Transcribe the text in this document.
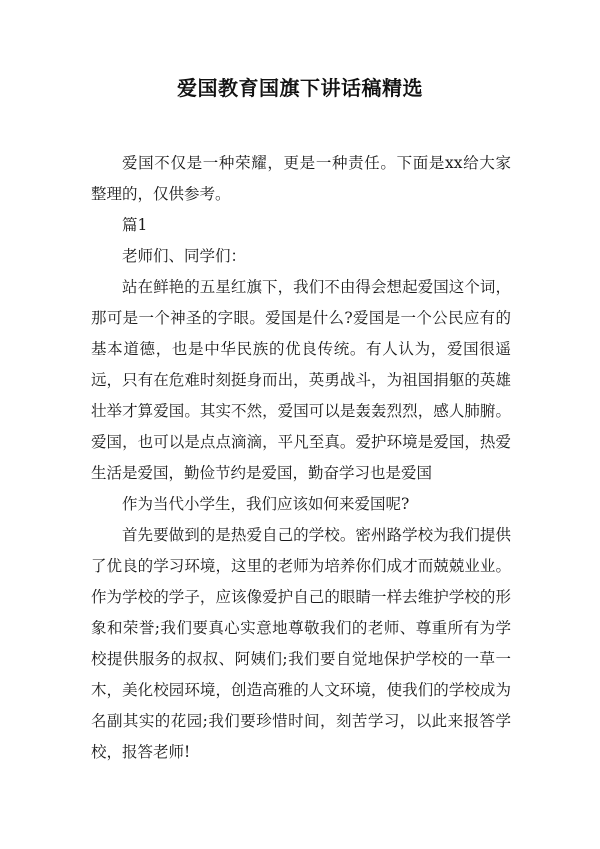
爱国教育国旗下讲话稿精选

爱国不仅是一种荣耀，更是一种责任。下面是xx给大家整理的，仅供参考。

篇1

老师们、同学们：

站在鲜艳的五星红旗下，我们不由得会想起爱国这个词，那可是一个神圣的字眼。爱国是什么?爱国是一个公民应有的基本道德，也是中华民族的优良传统。有人认为，爱国很遥远，只有在危难时刻挺身而出，英勇战斗，为祖国捐躯的英雄壮举才算爱国。其实不然，爱国可以是轰轰烈烈，感人肺腑。爱国，也可以是点点滴滴，平凡至真。爱护环境是爱国，热爱生活是爱国，勤俭节约是爱国，勤奋学习也是爱国

作为当代小学生，我们应该如何来爱国呢?

首先要做到的是热爱自己的学校。密州路学校为我们提供了优良的学习环境，这里的老师为培养你们成才而兢兢业业。作为学校的学子，应该像爱护自己的眼睛一样去维护学校的形象和荣誉;我们要真心实意地尊敬我们的老师、尊重所有为学校提供服务的叔叔、阿姨们;我们要自觉地保护学校的一草一木，美化校园环境，创造高雅的人文环境，使我们的学校成为名副其实的花园;我们要珍惜时间，刻苦学习，以此来报答学校，报答老师!
